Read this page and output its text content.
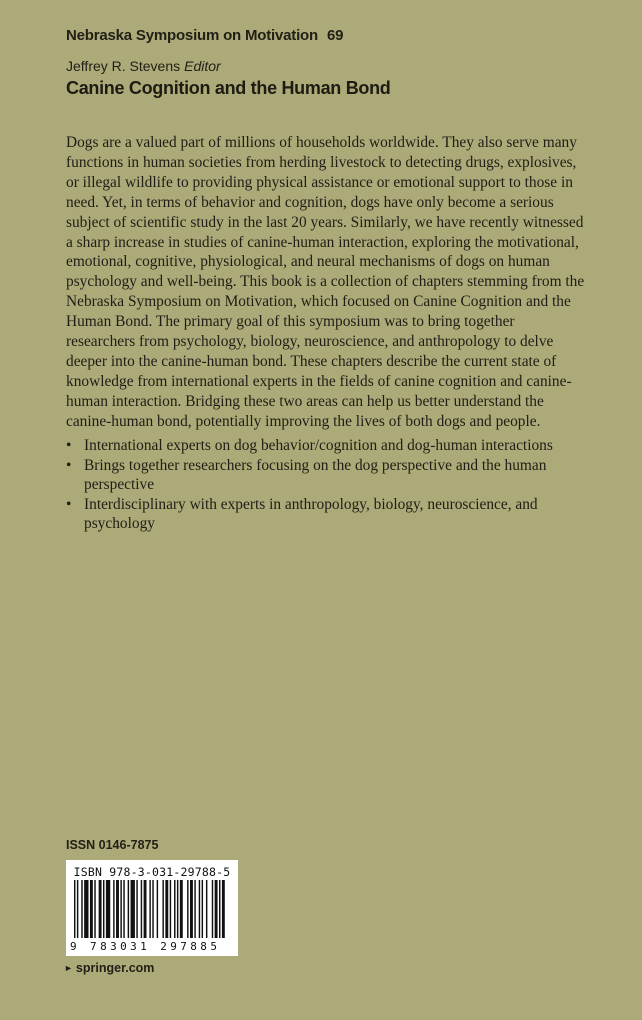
Nebraska Symposium on Motivation 69
Jeffrey R. Stevens Editor
Canine Cognition and the Human Bond

Dogs are a valued part of millions of households worldwide. They also serve many functions in human societies from herding livestock to detecting drugs, explosives, or illegal wildlife to providing physical assistance or emotional support to those in need. Yet, in terms of behavior and cognition, dogs have only become a serious subject of scientific study in the last 20 years. Similarly, we have recently witnessed a sharp increase in studies of canine-human interaction, exploring the motivational, emotional, cognitive, physiological, and neural mechanisms of dogs on human psychology and well-being. This book is a collection of chapters stemming from the Nebraska Symposium on Motivation, which focused on Canine Cognition and the Human Bond. The primary goal of this symposium was to bring together researchers from psychology, biology, neuroscience, and anthropology to delve deeper into the canine-human bond. These chapters describe the current state of knowledge from international experts in the fields of canine cognition and canine-human interaction. Bridging these two areas can help us better understand the canine-human bond, potentially improving the lives of both dogs and people.

• International experts on dog behavior/cognition and dog-human interactions
• Brings together researchers focusing on the dog perspective and the human perspective
• Interdisciplinary with experts in anthropology, biology, neuroscience, and psychology
ISSN 0146-7875
ISBN 978-3-031-29788-5
9 783031 297885
► springer.com
